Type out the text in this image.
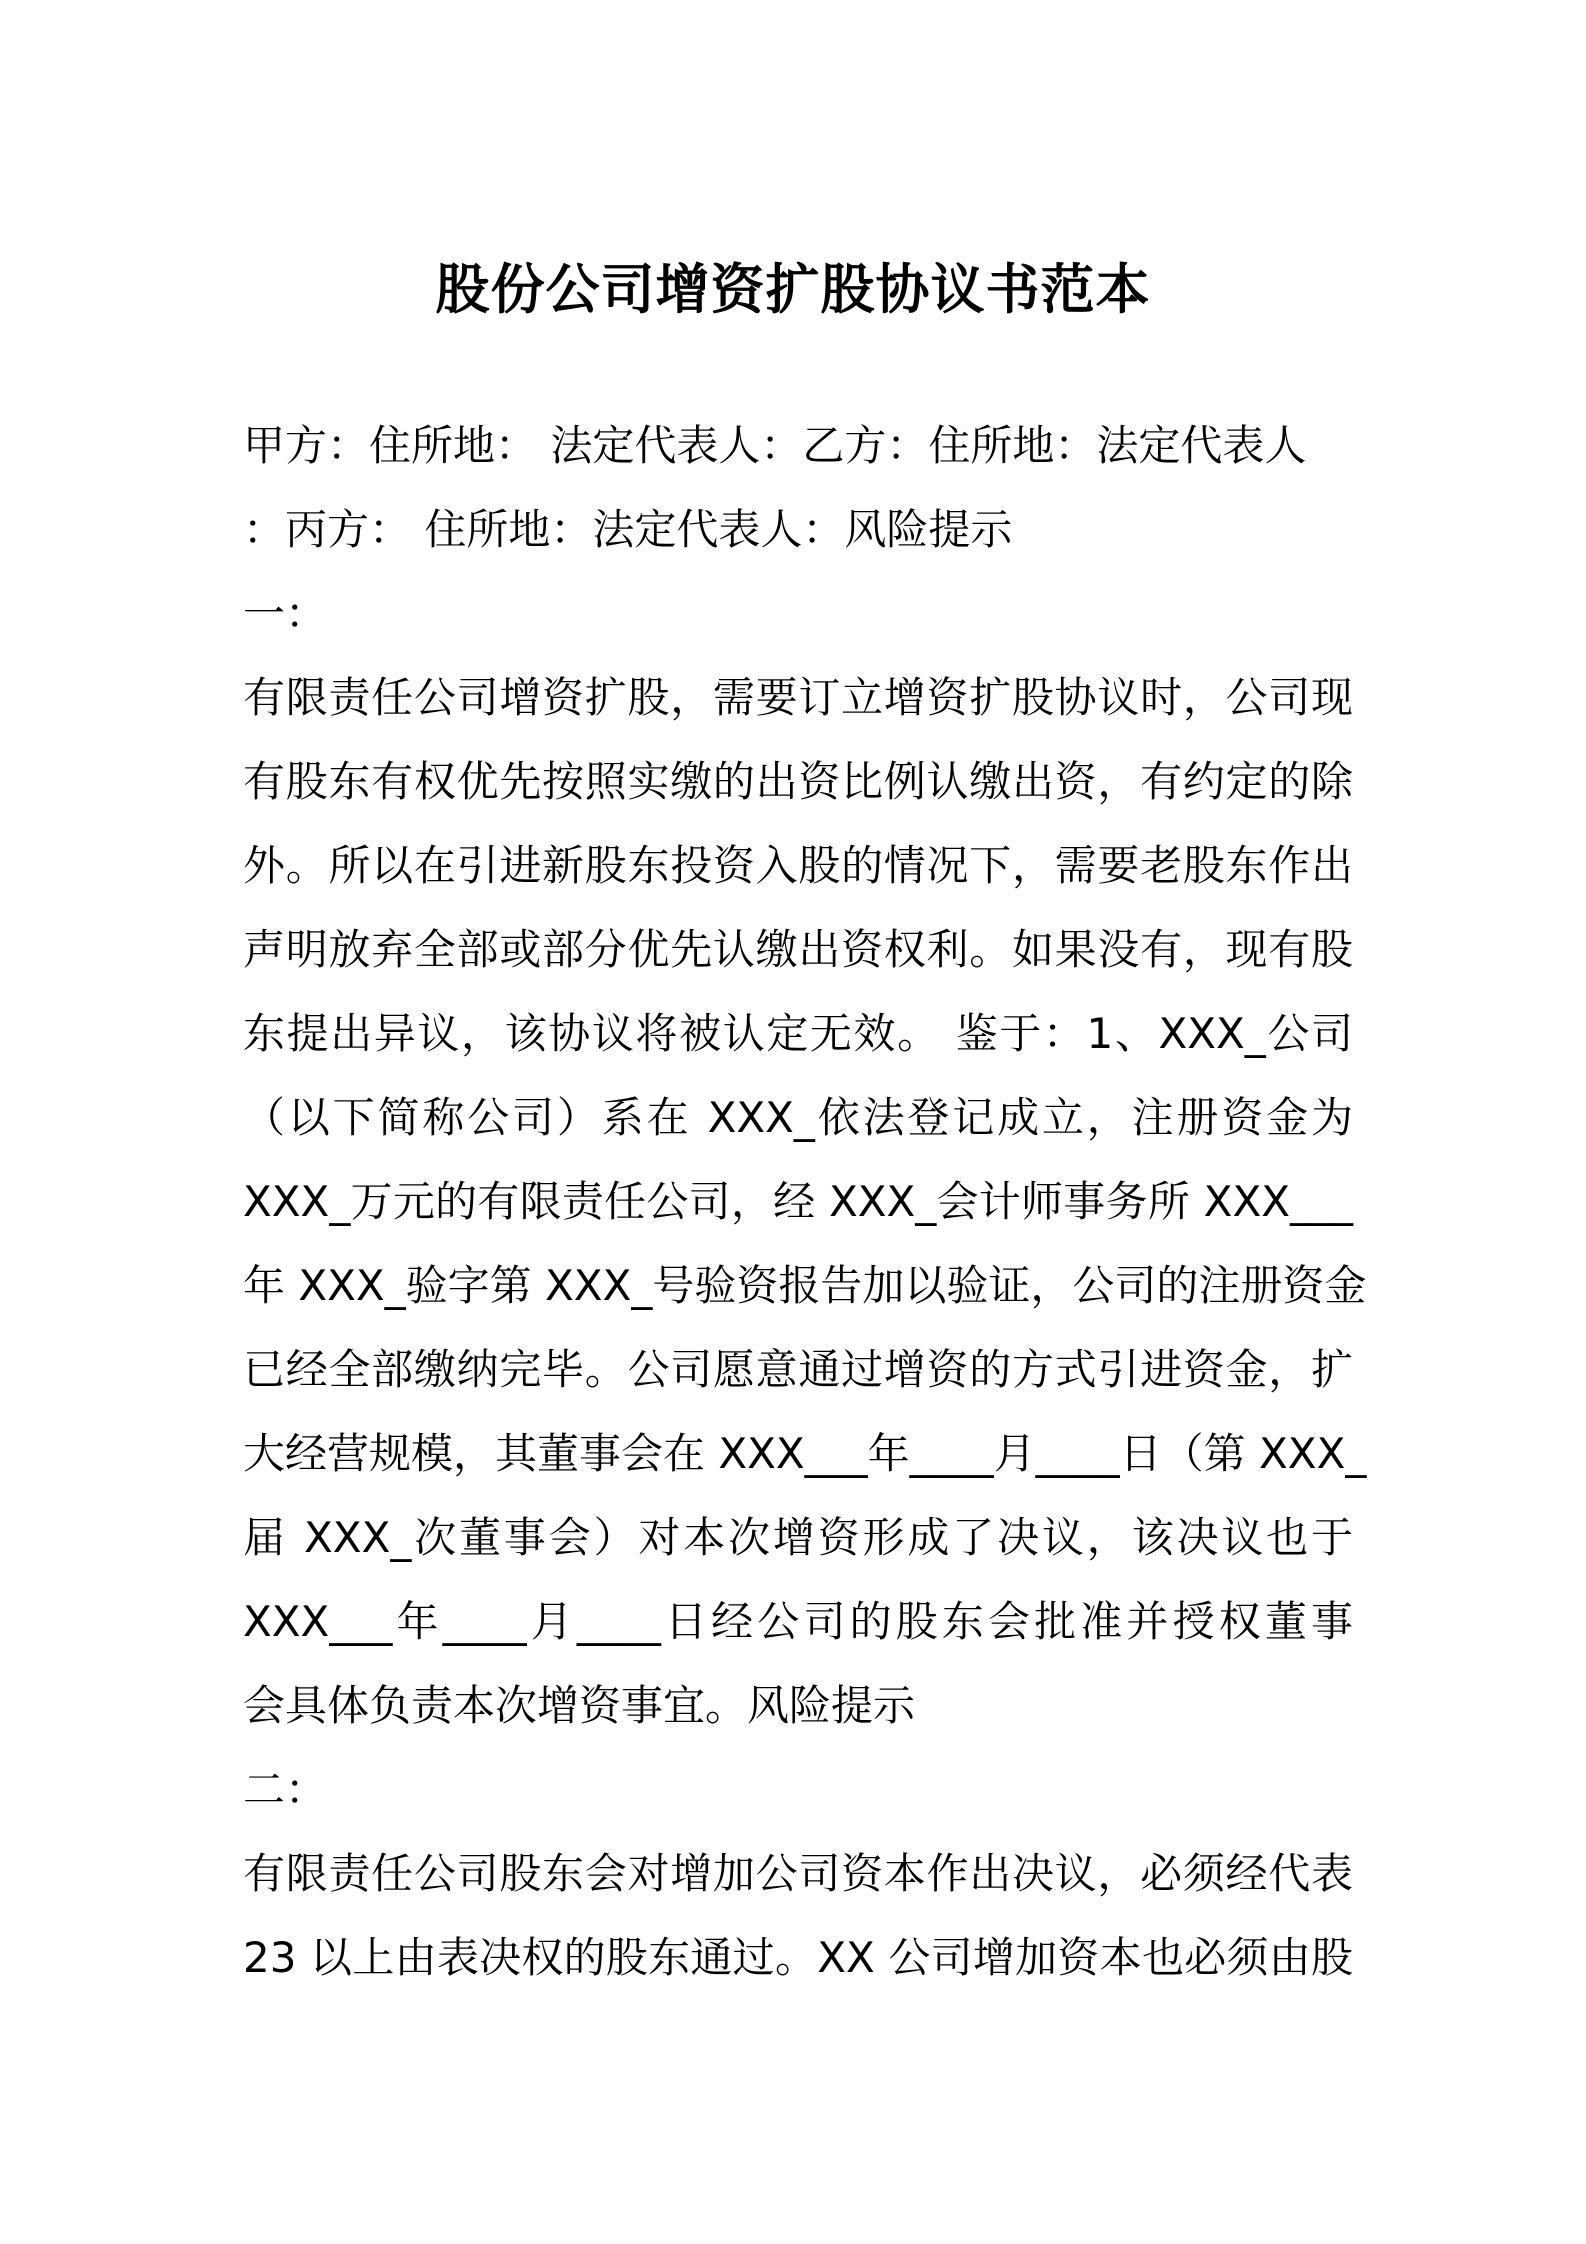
股份公司增资扩股协议书范本
甲方：住所地： 法定代表人：乙方：住所地：法定代表人
：丙方： 住所地：法定代表人：风险提示
一：
有限责任公司增资扩股，需要订立增资扩股协议时，公司现
有股东有权优先按照实缴的出资比例认缴出资，有约定的除
外。所以在引进新股东投资入股的情况下，需要老股东作出
声明放弃全部或部分优先认缴出资权利。如果没有，现有股
东提出异议，该协议将被认定无效。 鉴于：1、XXX_公司
（以下简称公司）系在 XXX_依法登记成立，注册资金为
XXX_万元的有限责任公司，经 XXX_会计师事务所 XXX___
年 XXX_验字第 XXX_号验资报告加以验证，公司的注册资金
已经全部缴纳完毕。公司愿意通过增资的方式引进资金，扩
大经营规模，其董事会在 XXX___年____月____日（第 XXX_
届 XXX_次董事会）对本次增资形成了决议，该决议也于
XXX___年____月____日经公司的股东会批准并授权董事
会具体负责本次增资事宜。风险提示
二：
有限责任公司股东会对增加公司资本作出决议，必须经代表
23 以上由表决权的股东通过。XX 公司增加资本也必须由股
